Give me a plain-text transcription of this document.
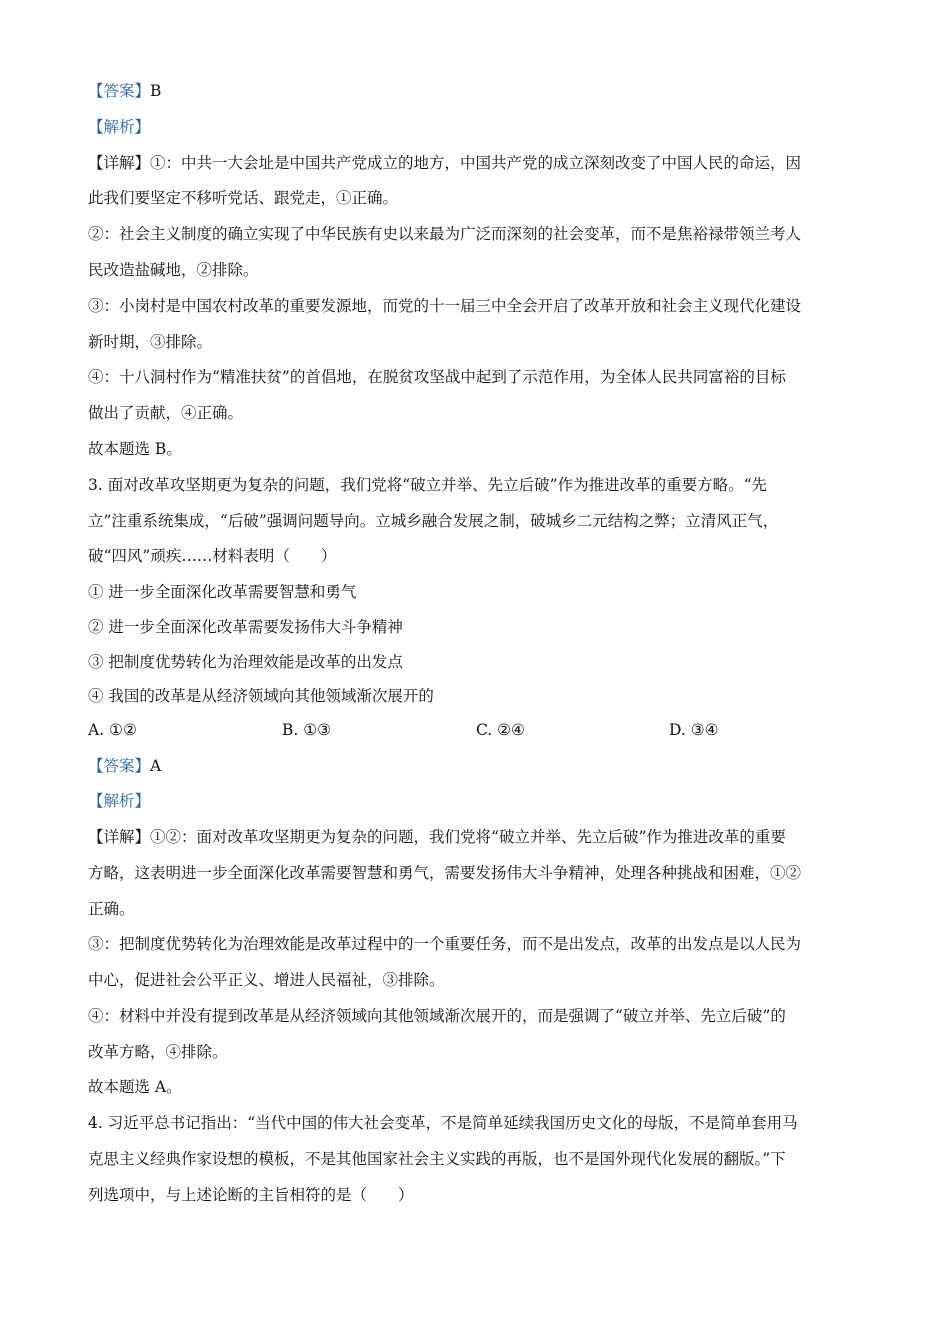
【答案】B
【解析】
【详解】①：中共一大会址是中国共产党成立的地方，中国共产党的成立深刻改变了中国人民的命运，因
此我们要坚定不移听党话、跟党走，①正确。
②：社会主义制度的确立实现了中华民族有史以来最为广泛而深刻的社会变革，而不是焦裕禄带领兰考人
民改造盐碱地，②排除。
③：小岗村是中国农村改革的重要发源地，而党的十一届三中全会开启了改革开放和社会主义现代化建设
新时期，③排除。
④：十八洞村作为“精准扶贫”的首倡地，在脱贫攻坚战中起到了示范作用，为全体人民共同富裕的目标
做出了贡献，④正确。
故本题选 B。
3. 面对改革攻坚期更为复杂的问题，我们党将“破立并举、先立后破”作为推进改革的重要方略。“先
立”注重系统集成，“后破”强调问题导向。立城乡融合发展之制，破城乡二元结构之弊；立清风正气，
破“四风”顽疾……材料表明（　　）
① 进一步全面深化改革需要智慧和勇气
② 进一步全面深化改革需要发扬伟大斗争精神
③ 把制度优势转化为治理效能是改革的出发点
④ 我国的改革是从经济领域向其他领域渐次展开的
A. ①②	B. ①③	C. ②④	D. ③④
【答案】A
【解析】
【详解】①②：面对改革攻坚期更为复杂的问题，我们党将“破立并举、先立后破”作为推进改革的重要
方略，这表明进一步全面深化改革需要智慧和勇气，需要发扬伟大斗争精神，处理各种挑战和困难，①②
正确。
③：把制度优势转化为治理效能是改革过程中的一个重要任务，而不是出发点，改革的出发点是以人民为
中心，促进社会公平正义、增进人民福祉，③排除。
④：材料中并没有提到改革是从经济领域向其他领域渐次展开的，而是强调了“破立并举、先立后破”的
改革方略，④排除。
故本题选 A。
4. 习近平总书记指出：“当代中国的伟大社会变革，不是简单延续我国历史文化的母版，不是简单套用马
克思主义经典作家设想的模板，不是其他国家社会主义实践的再版，也不是国外现代化发展的翻版。”下
列选项中，与上述论断的主旨相符的是（　　）
